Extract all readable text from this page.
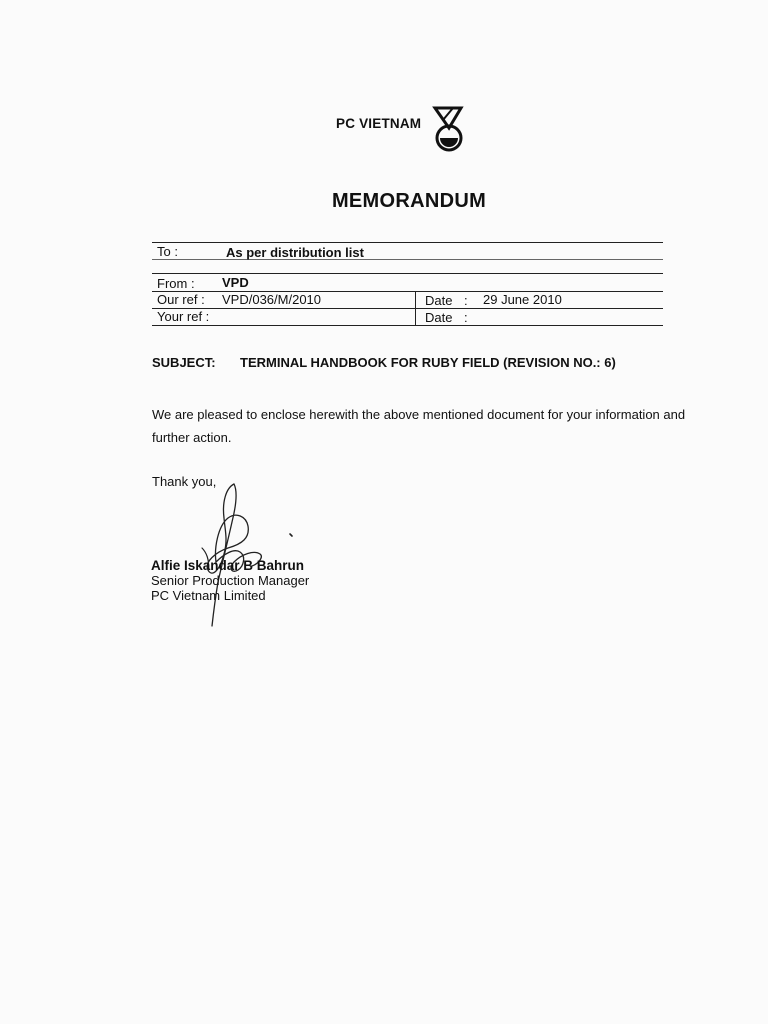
PC VIETNAM
MEMORANDUM
To :	As per distribution list
From : VPD
Our ref : VPD/036/M/2010	Date : 29 June 2010
Your ref :	Date :
SUBJECT: TERMINAL HANDBOOK FOR RUBY FIELD (REVISION NO.: 6)
We are pleased to enclose herewith the above mentioned document for your information and further action.
Thank you,
Alfie Iskandar B Bahrun
Senior Production Manager
PC Vietnam Limited
